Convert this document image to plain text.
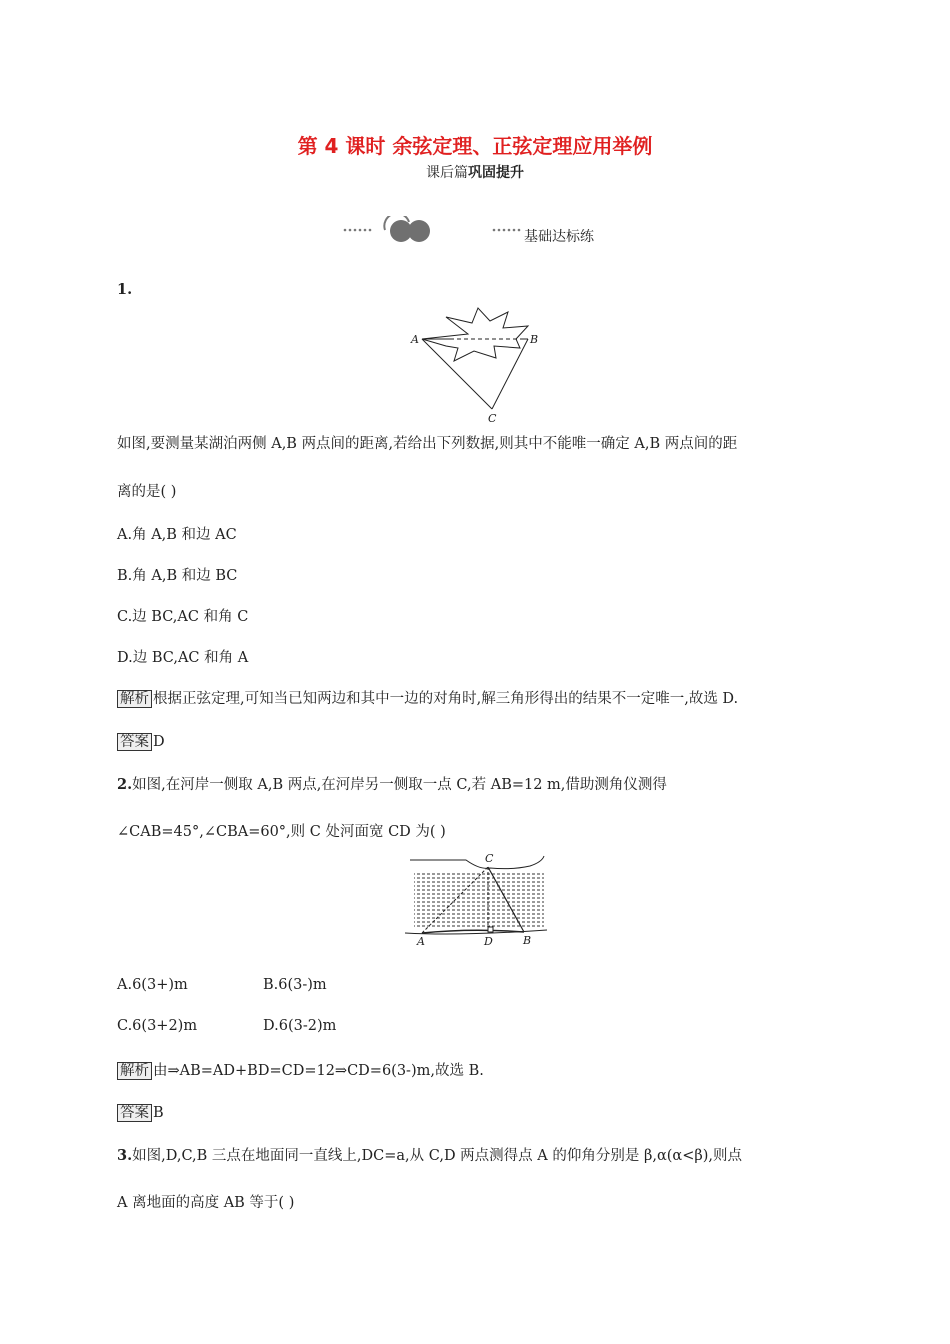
第 4 课时 余弦定理、正弦定理应用举例
课后篇巩固提升
基础达标练
1.
A	B
C
如图,要测量某湖泊两侧 A,B 两点间的距离,若给出下列数据,则其中不能唯一确定 A,B 两点间的距
离的是( )
A.角 A,B 和边 AC
B.角 A,B 和边 BC
C.边 BC,AC 和角 C
D.边 BC,AC 和角 A
解析 根据正弦定理,可知当已知两边和其中一边的对角时,解三角形得出的结果不一定唯一,故选 D.
答案 D
2.如图,在河岸一侧取 A,B 两点,在河岸另一侧取一点 C,若 AB=12 m,借助测角仪测得
∠CAB=45°,∠CBA=60°,则 C 处河面宽 CD 为( )
C
A	D	B
A.6(3+)m	B.6(3-)m
C.6(3+2)m	D.6(3-2)m
解析 由⇒AB=AD+BD=CD=12⇒CD=6(3-)m,故选 B.
答案 B
3.如图,D,C,B 三点在地面同一直线上,DC=a,从 C,D 两点测得点 A 的仰角分别是 β,α(α<β),则点
A 离地面的高度 AB 等于( )
